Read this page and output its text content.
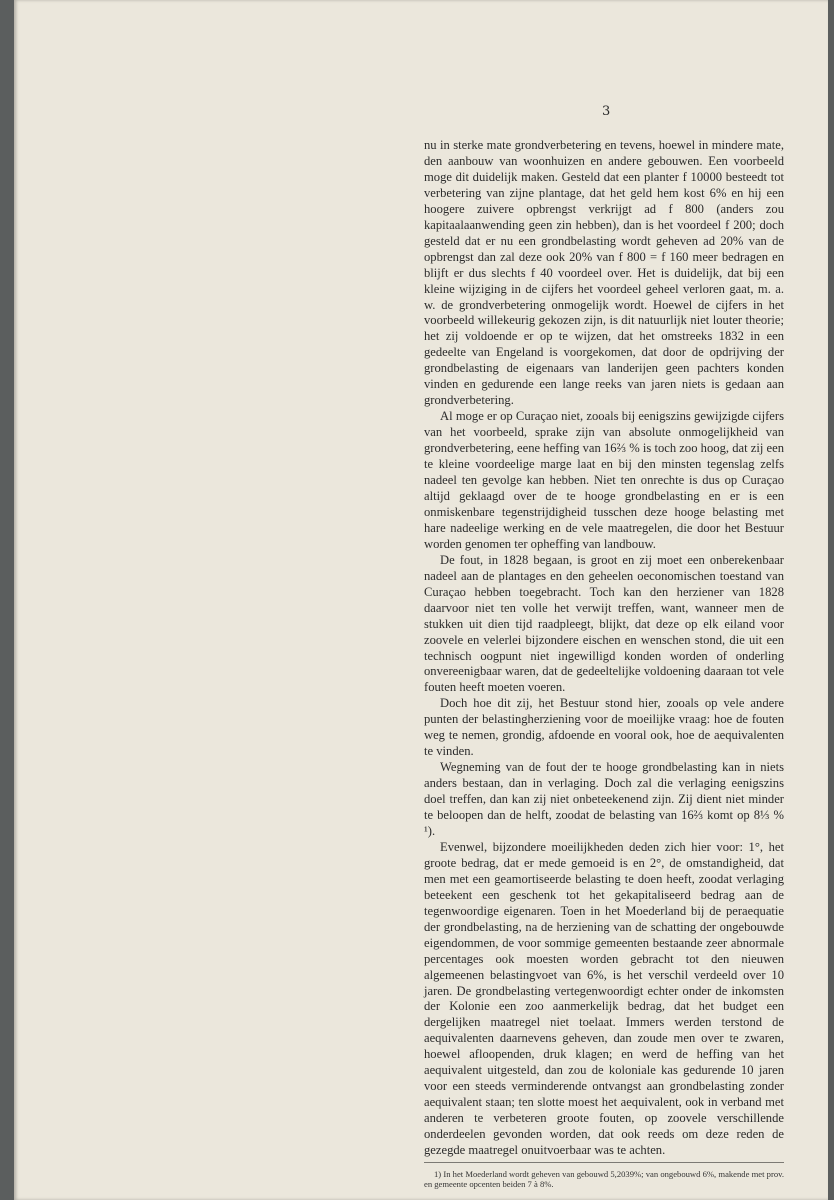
3

nu in sterke mate grondverbetering en tevens, hoewel in mindere mate, den aanbouw van woonhuizen en andere gebouwen. Een voorbeeld moge dit duidelijk maken. Gesteld dat een planter f 10000 besteedt tot verbetering van zijne plantage, dat het geld hem kost 6% en hij een hoogere zuivere opbrengst verkrijgt ad f 800 (anders zou kapitaalaanwending geen zin hebben), dan is het voordeel f 200; doch gesteld dat er nu een grondbelasting wordt geheven ad 20% van de opbrengst dan zal deze ook 20% van f 800 = f 160 meer bedragen en blijft er dus slechts f 40 voordeel over. Het is duidelijk, dat bij een kleine wijziging in de cijfers het voordeel geheel verloren gaat, m. a. w. de grondverbetering onmogelijk wordt. Hoewel de cijfers in het voorbeeld willekeurig gekozen zijn, is dit natuurlijk niet louter theorie; het zij voldoende er op te wijzen, dat het omstreeks 1832 in een gedeelte van Engeland is voorgekomen, dat door de opdrijving der grondbelasting de eigenaars van landerijen geen pachters konden vinden en gedurende een lange reeks van jaren niets is gedaan aan grondverbetering.

Al moge er op Curaçao niet, zooals bij eenigszins gewijzigde cijfers van het voorbeeld, sprake zijn van absolute onmogelijkheid van grondverbetering, eene heffing van 16⅔ % is toch zoo hoog, dat zij een te kleine voordeelige marge laat en bij den minsten tegenslag zelfs nadeel ten gevolge kan hebben. Niet ten onrechte is dus op Curaçao altijd geklaagd over de te hooge grondbelasting en er is een onmiskenbare tegenstrijdigheid tusschen deze hooge belasting met hare nadeelige werking en de vele maatregelen, die door het Bestuur worden genomen ter opheffing van landbouw.

De fout, in 1828 begaan, is groot en zij moet een onberekenbaar nadeel aan de plantages en den geheelen oeconomischen toestand van Curaçao hebben toegebracht. Toch kan den herziener van 1828 daarvoor niet ten volle het verwijt treffen, want, wanneer men de stukken uit dien tijd raadpleegt, blijkt, dat deze op elk eiland voor zoovele en velerlei bijzondere eischen en wenschen stond, die uit een technisch oogpunt niet ingewilligd konden worden of onderling onvereenigbaar waren, dat de gedeeltelijke voldoening daaraan tot vele fouten heeft moeten voeren.

Doch hoe dit zij, het Bestuur stond hier, zooals op vele andere punten der belastingherziening voor de moeilijke vraag: hoe de fouten weg te nemen, grondig, afdoende en vooral ook, hoe de aequivalenten te vinden.

Wegneming van de fout der te hooge grondbelasting kan in niets anders bestaan, dan in verlaging. Doch zal die verlaging eenigszins doel treffen, dan kan zij niet onbeteekenend zijn. Zij dient niet minder te beloopen dan de helft, zoodat de belasting van 16⅔ komt op 8⅓ % ¹).

Evenwel, bijzondere moeilijkheden deden zich hier voor: 1°, het groote bedrag, dat er mede gemoeid is en 2°, de omstandigheid, dat men met een geamortiseerde belasting te doen heeft, zoodat verlaging beteekent een geschenk tot het gekapitaliseerd bedrag aan de tegenwoordige eigenaren. Toen in het Moederland bij de peraequatie der grondbelasting, na de herziening van de schatting der ongebouwde eigendommen, de voor sommige gemeenten bestaande zeer abnormale percentages ook moesten worden gebracht tot den nieuwen algemeenen belastingvoet van 6%, is het verschil verdeeld over 10 jaren. De grondbelasting vertegenwoordigt echter onder de inkomsten der Kolonie een zoo aanmerkelijk bedrag, dat het budget een dergelijken maatregel niet toelaat. Immers werden terstond de aequivalenten daarnevens geheven, dan zoude men over te zwaren, hoewel afloopenden, druk klagen; en werd de heffing van het aequivalent uitgesteld, dan zou de koloniale kas gedurende 10 jaren voor een steeds verminderende ontvangst aan grondbelasting zonder aequivalent staan; ten slotte moest het aequivalent, ook in verband met anderen te verbeteren groote fouten, op zoovele verschillende onderdeelen gevonden worden, dat ook reeds om deze reden de gezegde maatregel onuitvoerbaar was te achten.

1) In het Moederland wordt geheven van gebouwd 5,2039%; van ongebouwd 6%, makende met prov. en gemeente opcenten beiden 7 à 8%.
